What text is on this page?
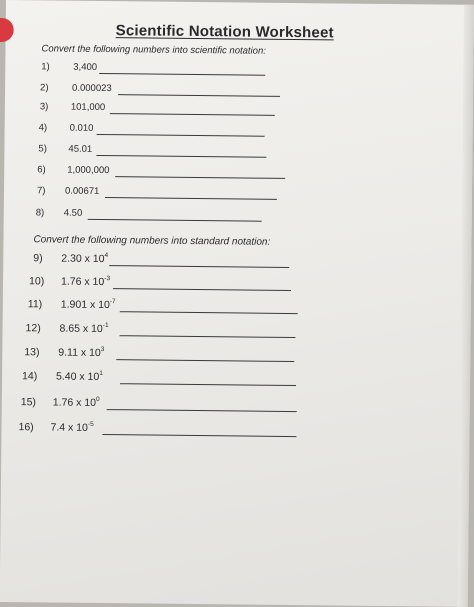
Scientific Notation Worksheet
Convert the following numbers into scientific notation:
1) 3,400
2) 0.000023
3) 101,000
4) 0.010
5) 45.01
6) 1,000,000
7) 0.00671
8) 4.50
Convert the following numbers into standard notation:
9) 2.30 x $10^4$
10) 1.76 x $10^{-3}$
11) 1.901 x $10^{-7}$
12) 8.65 x $10^{-1}$
13) 9.11 x $10^3$
14) 5.40 x $10^1$
15) 1.76 x $10^0$
16) 7.4 x $10^{-5}$
